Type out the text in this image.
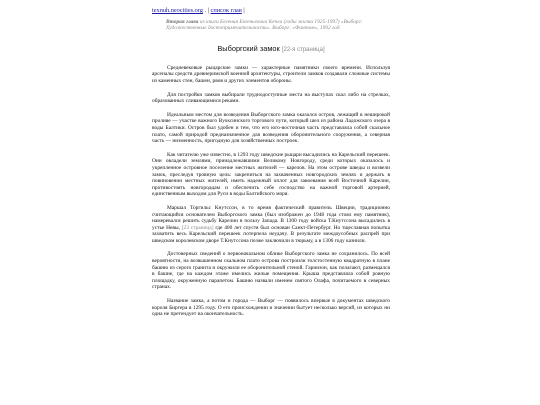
texnuh.neocities.org . | список глав |
Вторая глава из книги Евгения Евгеньевича Кепла (годы жизни 1925-1997) «Выборг: Художественные достопримечательности». Выборг: «Фантом», 1992 год.
Выборгский замок [22-я страница]

Средневековые рыцарские замки — характерные памятники своего времени. Используя арсеналы средств древнеримской военной архитектуры, строители замков создавали сложные системы из каменных стен, башен, рвов и других элементов обороны.

Для постройки замков выбирали труднодоступные места на выступах скал либо на стрелках, образованных сливающимися реками.

Идеальным местом для возведения Выборгского замка оказался остров, лежащий в неширокой проливе — участке важного Вуоксинского торгового пути, который шел из района Ладожского озера в воды Балтики. Остров был удобен и тем, что его юго-восточная часть представляла собой скальное плато, самой природой предназначенное для возведения оборонительного сооружения, а северная часть — низменность, пригодную для хозяйственных построек.

Как читателю уже известно, в 1293 году шведские рыцари высадились на Карельский перешеек. Они овладели землями, принадлежавшими Великому Новгороду, среди которых оказалось и укрепленное островное поселение местных жителей — карелов. На этом острове шведы и возвели замок, преследуя тровную цель: закрепиться на захваченных новгородских землях и держать в повиновении местных жителей, иметь надежный оплот для завоевания всей Восточной Карелии, противостоять новгородцам и обеспечить себе господство на важной торговой артерией, единственным выходом для Руси в воды Балтийского моря.

Маршал Торгильс Кнутссон, в то время фактический правитель Швеции, традиционно считающийся основателем Выборгского замка (был изображен до 1948 года стоял ему памятник), намеревался решить судьбу Карелии в пользу Запада. В 1300 году войска Т.Кнутссона высадились в устье Невы, [23 страница] где 400 лет спустя был основан Санкт-Петербург. Но тщеславная попытка захватить весь Карельский перешеек потерпела неудачу. В результате междоусобных распрей при шведском королевском дворе Т.Кнутссона позже заключили в тюрьму, а в 1306 году казнили.

Достоверных сведений о первоначальном облике Выборгского замка не сохранилось. По всей вероятности, на возвышенном скальном плато острова построили толстостенную квадратную в плане башню из серого гранита и окружили ее оборонительной стеной. Гарнизон, как полагают, размещался в башне, где на каждом этаже имелись жилые помещения. Крыша представляла собой ровную площадку, окруженную парапетом. Башню назвали именем святого Олафа, почитаемого в северных странах.

Название замка, а потом и города — Выборг — появилось впервые в документах шведского короля Биргера в 1295 году. О его происхождении и значении бытует несколько версий, из которых ни одна не претендует на окончательность.
